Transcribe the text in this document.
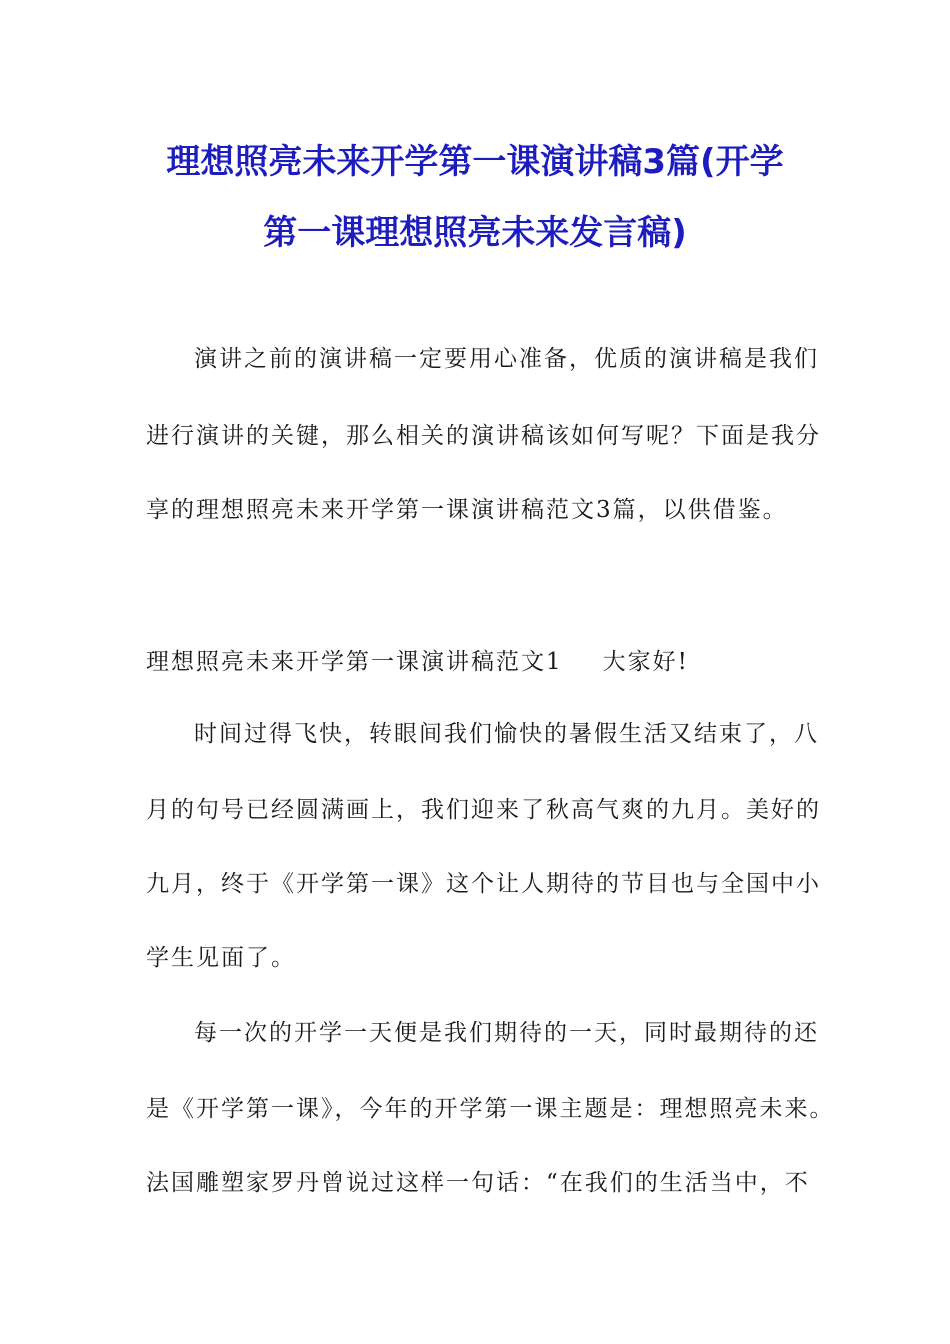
理想照亮未来开学第一课演讲稿3篇(开学
第一课理想照亮未来发言稿)
演讲之前的演讲稿一定要用心准备，优质的演讲稿是我们
进行演讲的关键，那么相关的演讲稿该如何写呢？下面是我分
享的理想照亮未来开学第一课演讲稿范文3篇，以供借鉴。
理想照亮未来开学第一课演讲稿范文1 大家好!
时间过得飞快，转眼间我们愉快的暑假生活又结束了，八
月的句号已经圆满画上，我们迎来了秋高气爽的九月。美好的
九月，终于《开学第一课》这个让人期待的节目也与全国中小
学生见面了。
每一次的开学一天便是我们期待的一天，同时最期待的还
是《开学第一课》，今年的开学第一课主题是：理想照亮未来。
法国雕塑家罗丹曾说过这样一句话：“在我们的生活当中，不
